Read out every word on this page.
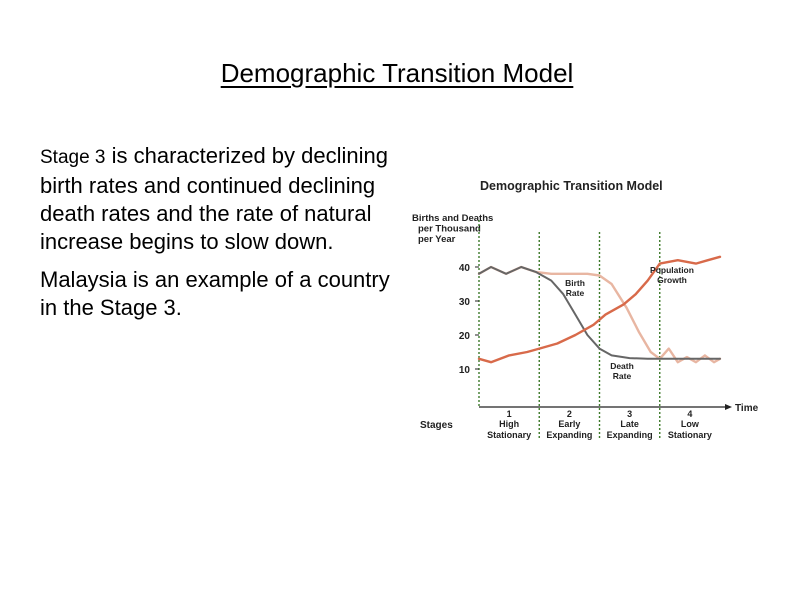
Demographic Transition Model

Stage 3 is characterized by declining birth rates and continued declining death rates and the rate of natural increase begins to slow down.

Malaysia is an example of a country in the Stage 3.

Demographic Transition Model
Births and Deaths
per Thousand
per Year
Time
40
30
20
10
Birth
Rate
Death
Rate
Population
Growth
Stages
1
High
Stationary
2
Early
Expanding
3
Late
Expanding
4
Low
Stationary
